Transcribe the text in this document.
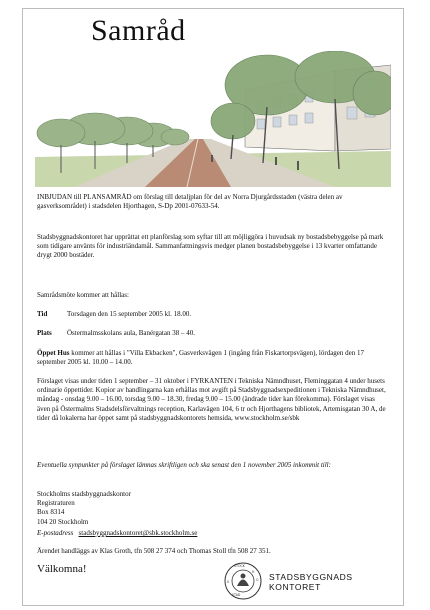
Samråd
INBJUDAN till PLANSAMRÅD om förslag till detaljplan för del av Norra Djurgårdsstaden (västra delen av gasverksområdet) i stadsdelen Hjorthagen, S-Dp 2001-07633-54.
Stadsbyggnadskontoret har upprättat ett planförslag som syftar till att möjliggöra i huvudsak ny bostadsbebyggelse på mark som tidigare använts för industriändamål. Sammanfattningsvis medger planen bostadsbebyggelse i 13 kvarter omfattande drygt 2000 bostäder.
Samrådsmöte kommer att hållas:
Tid	Torsdagen den 15 september 2005 kl. 18.00.
Plats Östermalmsskolans aula, Banérgatan 38 – 40.
Öppet Hus kommer att hållas i "Villa Ekbacken", Gasverksvägen 1 (ingång från Fiskartorpsvägen), lördagen den 17 september 2005 kl. 10.00 – 14.00.
Förslaget visas under tiden 1 september – 31 oktober i FYRKANTEN i Tekniska Nämndhuset, Fleminggatan 4 under husets ordinarie öppettider. Kopior av handlingarna kan erhållas mot avgift på Stadsbyggnadsexpeditionen i Tekniska Nämndhuset, måndag - onsdag 9.00 – 16.00, torsdag 9.00 – 18.30, fredag 9.00 – 15.00 (ändrade tider kan förekomma). Förslaget visas även på Östermalms Stadsdelsförvaltnings reception, Karlavägen 104, 6 tr och Hjorthagens bibliotek, Artemisgatan 30 A, de tider då lokalerna har öppet samt på stadsbyggnadskontorets hemsida, www.stockholm.se/sbk
Eventuella synpunkter på förslaget lämnas skriftligen och ska senast den 1 november 2005 inkommit till:
Stockholms stadsbyggnadskontor
Registraturen
Box 8314
104 20 Stockholm
E-postadress stadsbyggnadskontoret@sbk.stockholm.se
Ärendet handläggs av Klas Groth, tfn 508 27 374 och Thomas Stoll tfn 508 27 351.
Välkomna!	STOCK
H
O
S
STAD
STADSBYGGNADS
KONTORET
